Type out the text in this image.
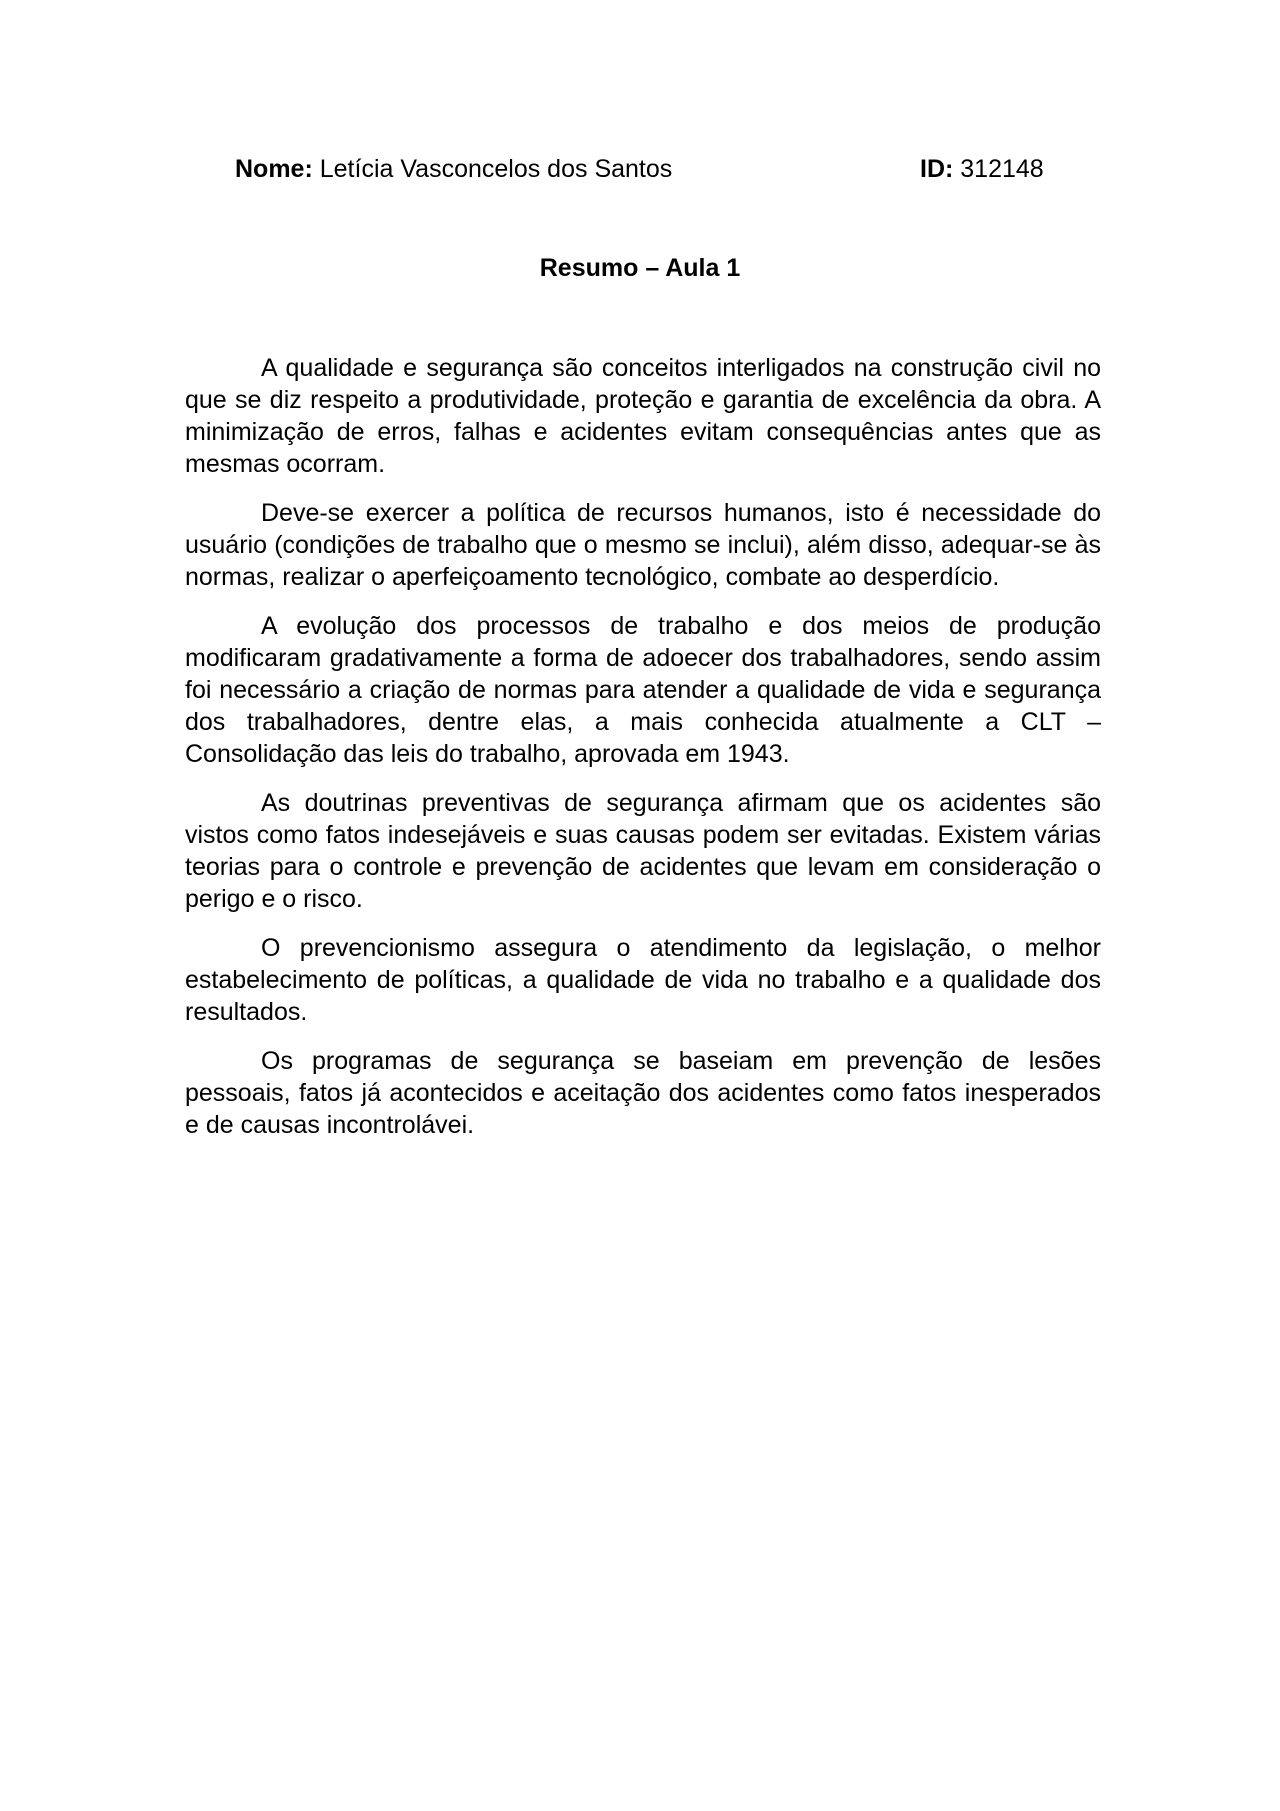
Nome: Letícia Vasconcelos dos Santos	ID: 312148
Resumo – Aula 1

A qualidade e segurança são conceitos interligados na construção civil no que se diz respeito a produtividade, proteção e garantia de excelência da obra. A minimização de erros, falhas e acidentes evitam consequências antes que as mesmas ocorram.

Deve-se exercer a política de recursos humanos, isto é necessidade do usuário (condições de trabalho que o mesmo se inclui), além disso, adequar-se às normas, realizar o aperfeiçoamento tecnológico, combate ao desperdício.

A evolução dos processos de trabalho e dos meios de produção modificaram gradativamente a forma de adoecer dos trabalhadores, sendo assim foi necessário a criação de normas para atender a qualidade de vida e segurança dos trabalhadores, dentre elas, a mais conhecida atualmente a CLT – Consolidação das leis do trabalho, aprovada em 1943.

As doutrinas preventivas de segurança afirmam que os acidentes são vistos como fatos indesejáveis e suas causas podem ser evitadas. Existem várias teorias para o controle e prevenção de acidentes que levam em consideração o perigo e o risco.

O prevencionismo assegura o atendimento da legislação, o melhor estabelecimento de políticas, a qualidade de vida no trabalho e a qualidade dos resultados.

Os programas de segurança se baseiam em prevenção de lesões pessoais, fatos já acontecidos e aceitação dos acidentes como fatos inesperados e de causas incontrolávei.
